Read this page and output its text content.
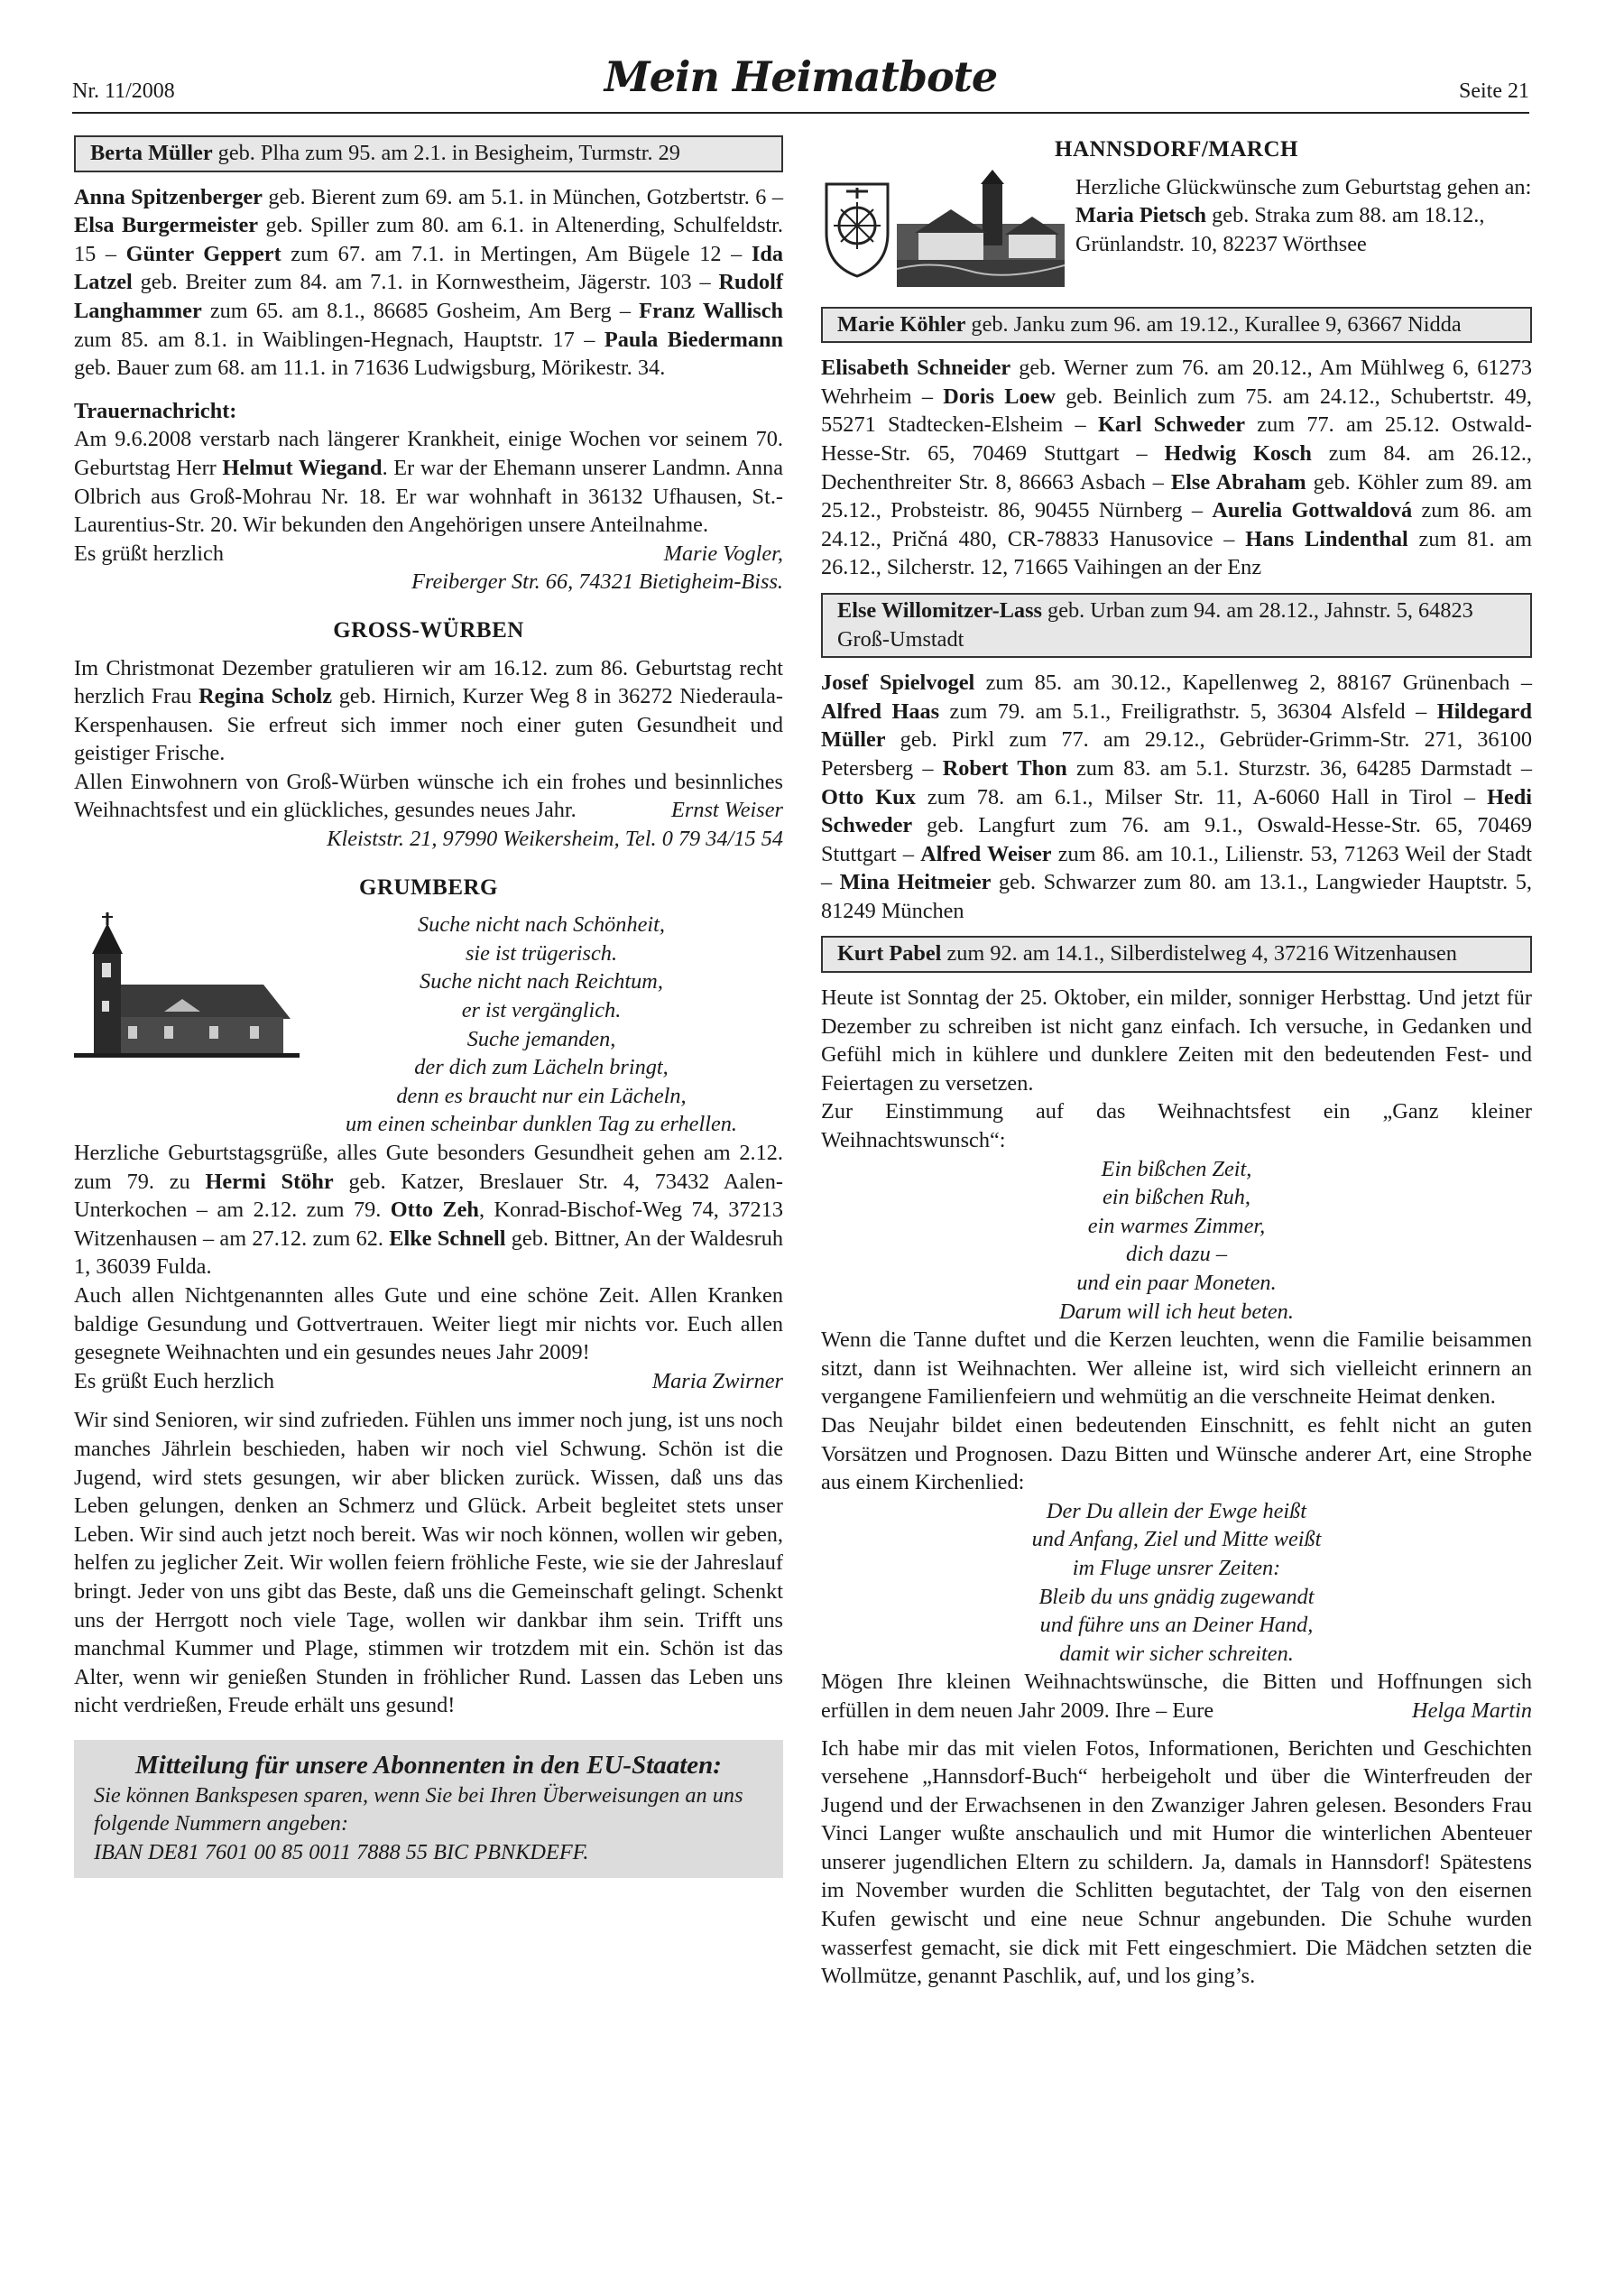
Nr. 11/2008	Mein Heimatbote	Seite 21
Berta Müller geb. Plha zum 95. am 2.1. in Besigheim, Turmstr. 29

Anna Spitzenberger geb. Bierent zum 69. am 5.1. in München, Gotzbertstr. 6 – Elsa Burgermeister geb. Spiller zum 80. am 6.1. in Altenerding, Schulfeldstr. 15 – Günter Geppert zum 67. am 7.1. in Mertingen, Am Bügele 12 – Ida Latzel geb. Breiter zum 84. am 7.1. in Kornwestheim, Jägerstr. 103 – Rudolf Langhammer zum 65. am 8.1., 86685 Gosheim, Am Berg – Franz Wallisch zum 85. am 8.1. in Waiblingen-Hegnach, Hauptstr. 17 – Paula Biedermann geb. Bauer zum 68. am 11.1. in 71636 Ludwigsburg, Mörikestr. 34.

Trauernachricht:

Am 9.6.2008 verstarb nach längerer Krankheit, einige Wochen vor seinem 70. Geburtstag Herr Helmut Wiegand. Er war der Ehemann unserer Landmn. Anna Olbrich aus Groß-Mohrau Nr. 18. Er war wohnhaft in 36132 Ufhausen, St.-Laurentius-Str. 20. Wir bekunden den Angehörigen unsere Anteilnahme.

Es grüßt herzlich	Marie Vogler,

Freiberger Str. 66, 74321 Bietigheim-Biss.

GROSS-WÜRBEN

Im Christmonat Dezember gratulieren wir am 16.12. zum 86. Geburtstag recht herzlich Frau Regina Scholz geb. Hirnich, Kurzer Weg 8 in 36272 Niederaula-Kerspenhausen. Sie erfreut sich immer noch einer guten Gesundheit und geistiger Frische.

Allen Einwohnern von Groß-Würben wünsche ich ein frohes und besinnliches Weihnachtsfest und ein glückliches, gesundes neues Jahr.	Ernst Weiser

Kleiststr. 21, 97990 Weikersheim, Tel. 0 79 34/15 54

GRUMBERG
Suche nicht nach Schönheit,
sie ist trügerisch.
Suche nicht nach Reichtum,
er ist vergänglich.
Suche jemanden,
der dich zum Lächeln bringt,
denn es braucht nur ein Lächeln,
um einen scheinbar dunklen Tag zu erhellen.

Herzliche Geburtstagsgrüße, alles Gute besonders Gesundheit gehen am 2.12. zum 79. zu Hermi Stöhr geb. Katzer, Breslauer Str. 4, 73432 Aalen-Unterkochen – am 2.12. zum 79. Otto Zeh, Konrad-Bischof-Weg 74, 37213 Witzenhausen – am 27.12. zum 62. Elke Schnell geb. Bittner, An der Waldesruh 1, 36039 Fulda.

Auch allen Nichtgenannten alles Gute und eine schöne Zeit. Allen Kranken baldige Gesundung und Gottvertrauen. Weiter liegt mir nichts vor. Euch allen gesegnete Weihnachten und ein gesundes neues Jahr 2009!

Es grüßt Euch herzlich	Maria Zwirner

Wir sind Senioren, wir sind zufrieden. Fühlen uns immer noch jung, ist uns noch manches Jährlein beschieden, haben wir noch viel Schwung. Schön ist die Jugend, wird stets gesungen, wir aber blicken zurück. Wissen, daß uns das Leben gelungen, denken an Schmerz und Glück. Arbeit begleitet stets unser Leben. Wir sind auch jetzt noch bereit. Was wir noch können, wollen wir geben, helfen zu jeglicher Zeit. Wir wollen feiern fröhliche Feste, wie sie der Jahreslauf bringt. Jeder von uns gibt das Beste, daß uns die Gemeinschaft gelingt. Schenkt uns der Herrgott noch viele Tage, wollen wir dankbar ihm sein. Trifft uns manchmal Kummer und Plage, stimmen wir trotzdem mit ein. Schön ist das Alter, wenn wir genießen Stunden in fröhlicher Rund. Lassen das Leben uns nicht verdrießen, Freude erhält uns gesund!

Mitteilung für unsere Abonnenten in den EU-Staaten:
Sie können Bankspesen sparen, wenn Sie bei Ihren Überweisungen an uns folgende Nummern angeben:
IBAN DE81 7601 00 85 0011 7888 55 BIC PBNKDEFF.
HANNSDORF/MARCH
Herzliche Glückwünsche zum Geburtstag gehen an: Maria Pietsch geb. Straka zum 88. am 18.12., Grünlandstr. 10, 82237 Wörthsee
Marie Köhler geb. Janku zum 96. am 19.12., Kurallee 9, 63667 Nidda

Elisabeth Schneider geb. Werner zum 76. am 20.12., Am Mühlweg 6, 61273 Wehrheim – Doris Loew geb. Beinlich zum 75. am 24.12., Schubertstr. 49, 55271 Stadtecken-Elsheim – Karl Schweder zum 77. am 25.12. Ostwald-Hesse-Str. 65, 70469 Stuttgart – Hedwig Kosch zum 84. am 26.12., Dechenthreiter Str. 8, 86663 Asbach – Else Abraham geb. Köhler zum 89. am 25.12., Probsteistr. 86, 90455 Nürnberg – Aurelia Gottwaldová zum 86. am 24.12., Pričná 480, CR-78833 Hanusovice – Hans Lindenthal zum 81. am 26.12., Silcherstr. 12, 71665 Vaihingen an der Enz

Else Willomitzer-Lass geb. Urban zum 94. am 28.12., Jahnstr. 5, 64823 Groß-Umstadt

Josef Spielvogel zum 85. am 30.12., Kapellenweg 2, 88167 Grünenbach – Alfred Haas zum 79. am 5.1., Freiligrathstr. 5, 36304 Alsfeld – Hildegard Müller geb. Pirkl zum 77. am 29.12., Gebrüder-Grimm-Str. 271, 36100 Petersberg – Robert Thon zum 83. am 5.1. Sturzstr. 36, 64285 Darmstadt – Otto Kux zum 78. am 6.1., Milser Str. 11, A-6060 Hall in Tirol – Hedi Schweder geb. Langfurt zum 76. am 9.1., Oswald-Hesse-Str. 65, 70469 Stuttgart – Alfred Weiser zum 86. am 10.1., Lilienstr. 53, 71263 Weil der Stadt – Mina Heitmeier geb. Schwarzer zum 80. am 13.1., Langwieder Hauptstr. 5, 81249 München

Kurt Pabel zum 92. am 14.1., Silberdistelweg 4, 37216 Witzenhausen

Heute ist Sonntag der 25. Oktober, ein milder, sonniger Herbsttag. Und jetzt für Dezember zu schreiben ist nicht ganz einfach. Ich versuche, in Gedanken und Gefühl mich in kühlere und dunklere Zeiten mit den bedeutenden Fest- und Feiertagen zu versetzen.

Zur Einstimmung auf das Weihnachtsfest ein „Ganz kleiner Weihnachtswunsch“:

Ein bißchen Zeit,
ein bißchen Ruh,
ein warmes Zimmer,
dich dazu –
und ein paar Moneten.
Darum will ich heut beten.

Wenn die Tanne duftet und die Kerzen leuchten, wenn die Familie beisammen sitzt, dann ist Weihnachten. Wer alleine ist, wird sich vielleicht erinnern an vergangene Familienfeiern und wehmütig an die verschneite Heimat denken.

Das Neujahr bildet einen bedeutenden Einschnitt, es fehlt nicht an guten Vorsätzen und Prognosen. Dazu Bitten und Wünsche anderer Art, eine Strophe aus einem Kirchenlied:

Der Du allein der Ewge heißt
und Anfang, Ziel und Mitte weißt
im Fluge unsrer Zeiten:
Bleib du uns gnädig zugewandt
und führe uns an Deiner Hand,
damit wir sicher schreiten.

Mögen Ihre kleinen Weihnachtswünsche, die Bitten und Hoffnungen sich erfüllen in dem neuen Jahr 2009. Ihre – Eure	Helga Martin

Ich habe mir das mit vielen Fotos, Informationen, Berichten und Geschichten versehene „Hannsdorf-Buch“ herbeigeholt und über die Winterfreuden der Jugend und der Erwachsenen in den Zwanziger Jahren gelesen. Besonders Frau Vinci Langer wußte anschaulich und mit Humor die winterlichen Abenteuer unserer jugendlichen Eltern zu schildern. Ja, damals in Hannsdorf! Spätestens im November wurden die Schlitten begutachtet, der Talg von den eisernen Kufen gewischt und eine neue Schnur angebunden. Die Schuhe wurden wasserfest gemacht, sie dick mit Fett eingeschmiert. Die Mädchen setzten die Wollmütze, genannt Paschlik, auf, und los ging’s.
